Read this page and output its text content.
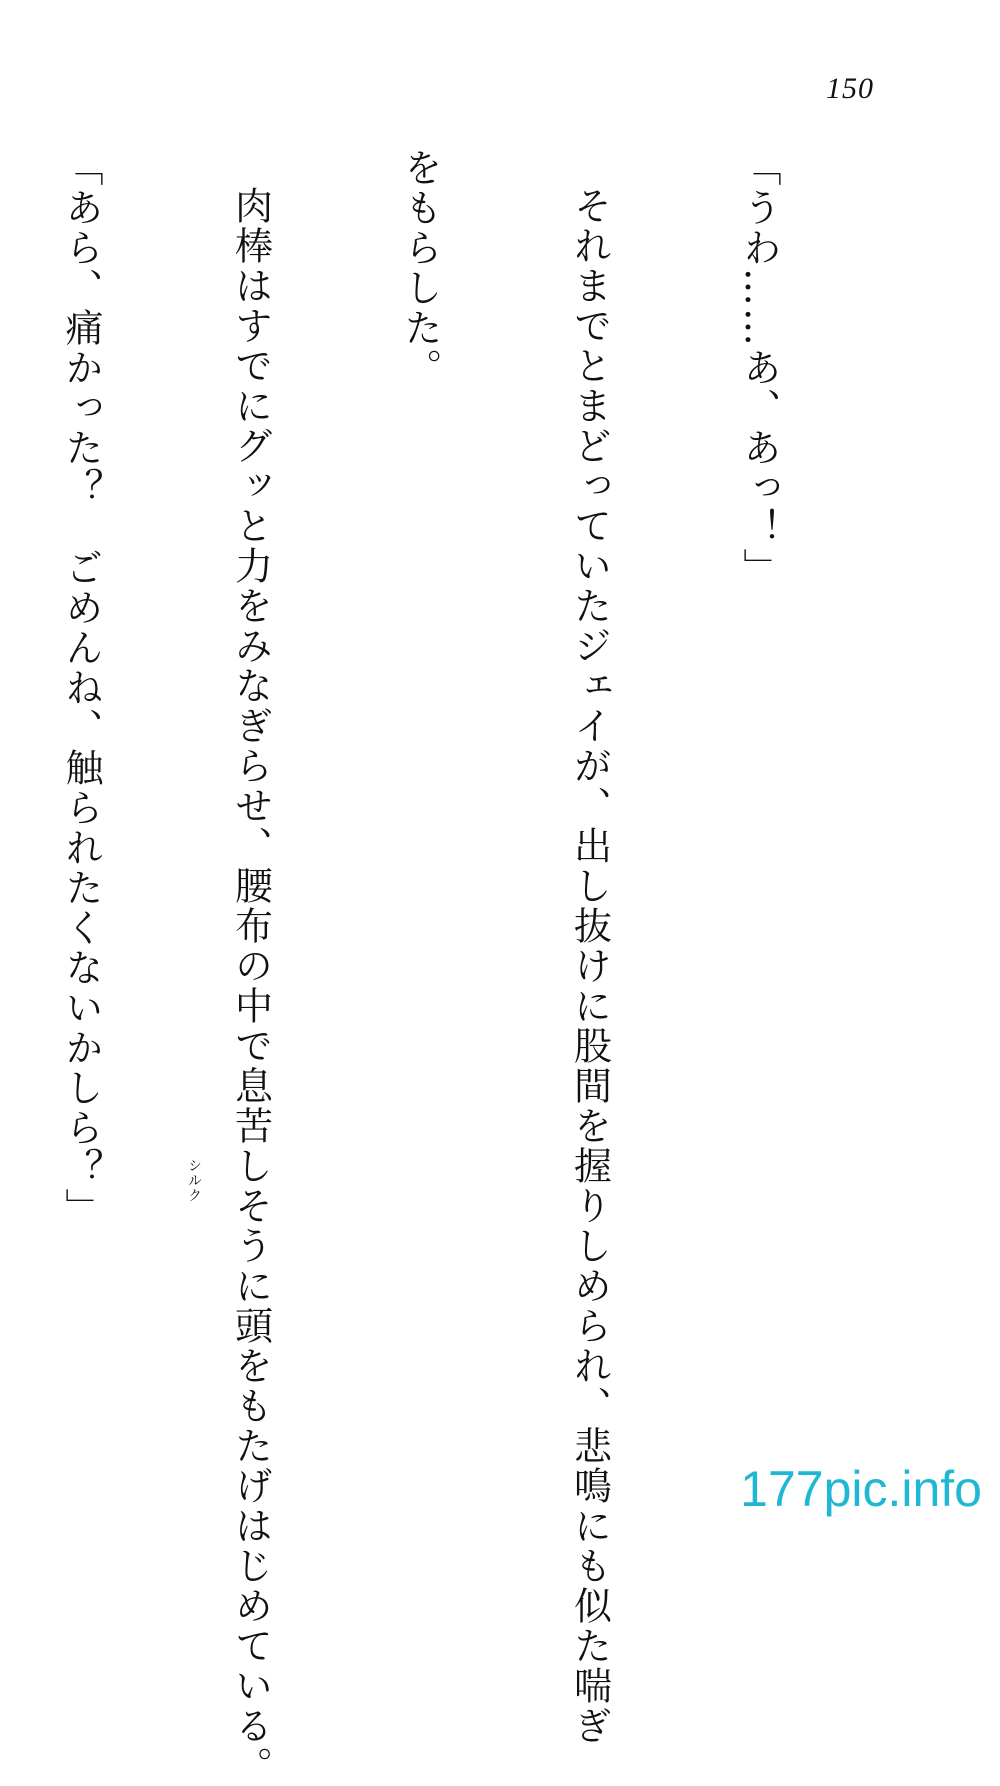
150

「うわ……あ、あっ！」

それまでとまどっていたジェイが、出し抜けに股間を握りしめられ、悲鳴にも似た喘ぎ

をもらした。

肉棒はすでにグッと力をみなぎらせ、腰布の中で息苦しそうに頭をもたげはじめている。

「あら、痛かった？　ごめんね、触られたくないかしら？」

	シルク
177pic.info
